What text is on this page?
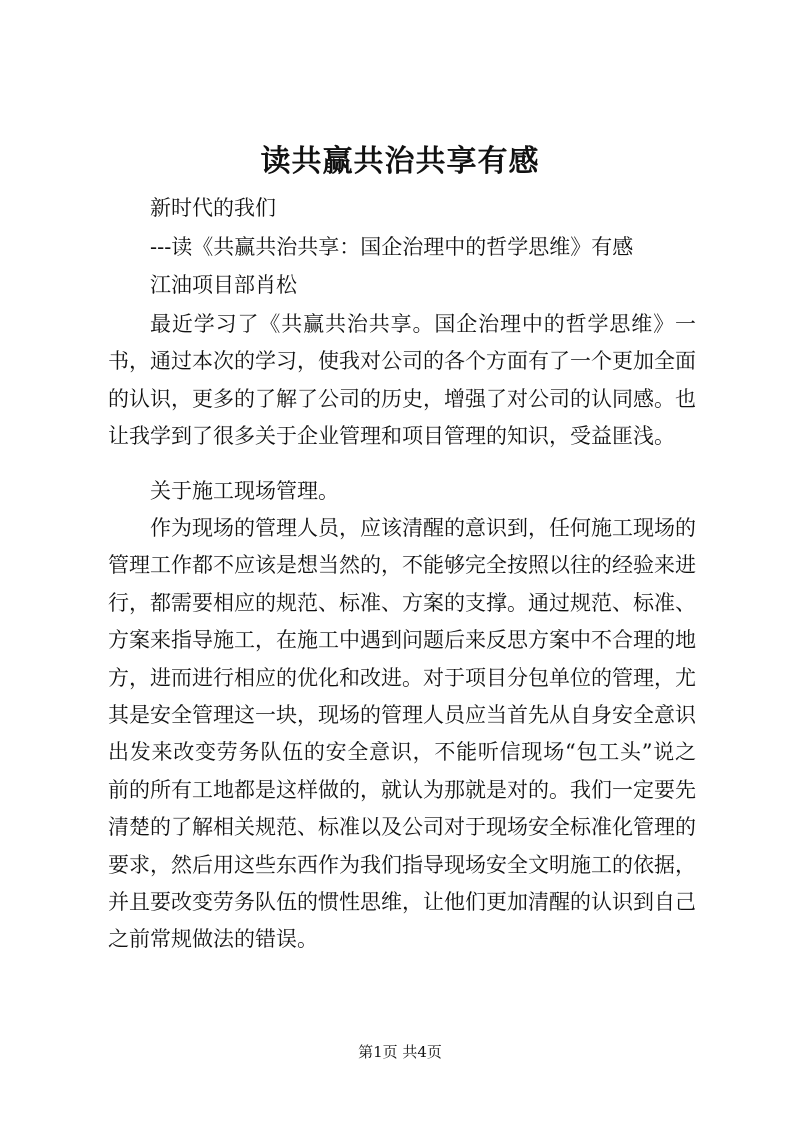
读共赢共治共享有感

新时代的我们

---读《共赢共治共享：国企治理中的哲学思维》有感

江油项目部肖松

最近学习了《共赢共治共享。国企治理中的哲学思维》一书，通过本次的学习，使我对公司的各个方面有了一个更加全面的认识，更多的了解了公司的历史，增强了对公司的认同感。也让我学到了很多关于企业管理和项目管理的知识，受益匪浅。

关于施工现场管理。

作为现场的管理人员，应该清醒的意识到，任何施工现场的管理工作都不应该是想当然的，不能够完全按照以往的经验来进行，都需要相应的规范、标准、方案的支撑。通过规范、标准、方案来指导施工，在施工中遇到问题后来反思方案中不合理的地方，进而进行相应的优化和改进。对于项目分包单位的管理，尤其是安全管理这一块，现场的管理人员应当首先从自身安全意识出发来改变劳务队伍的安全意识，不能听信现场“包工头”说之前的所有工地都是这样做的，就认为那就是对的。我们一定要先清楚的了解相关规范、标准以及公司对于现场安全标准化管理的要求，然后用这些东西作为我们指导现场安全文明施工的依据，并且要改变劳务队伍的惯性思维，让他们更加清醒的认识到自己之前常规做法的错误。

第1页 共4页
